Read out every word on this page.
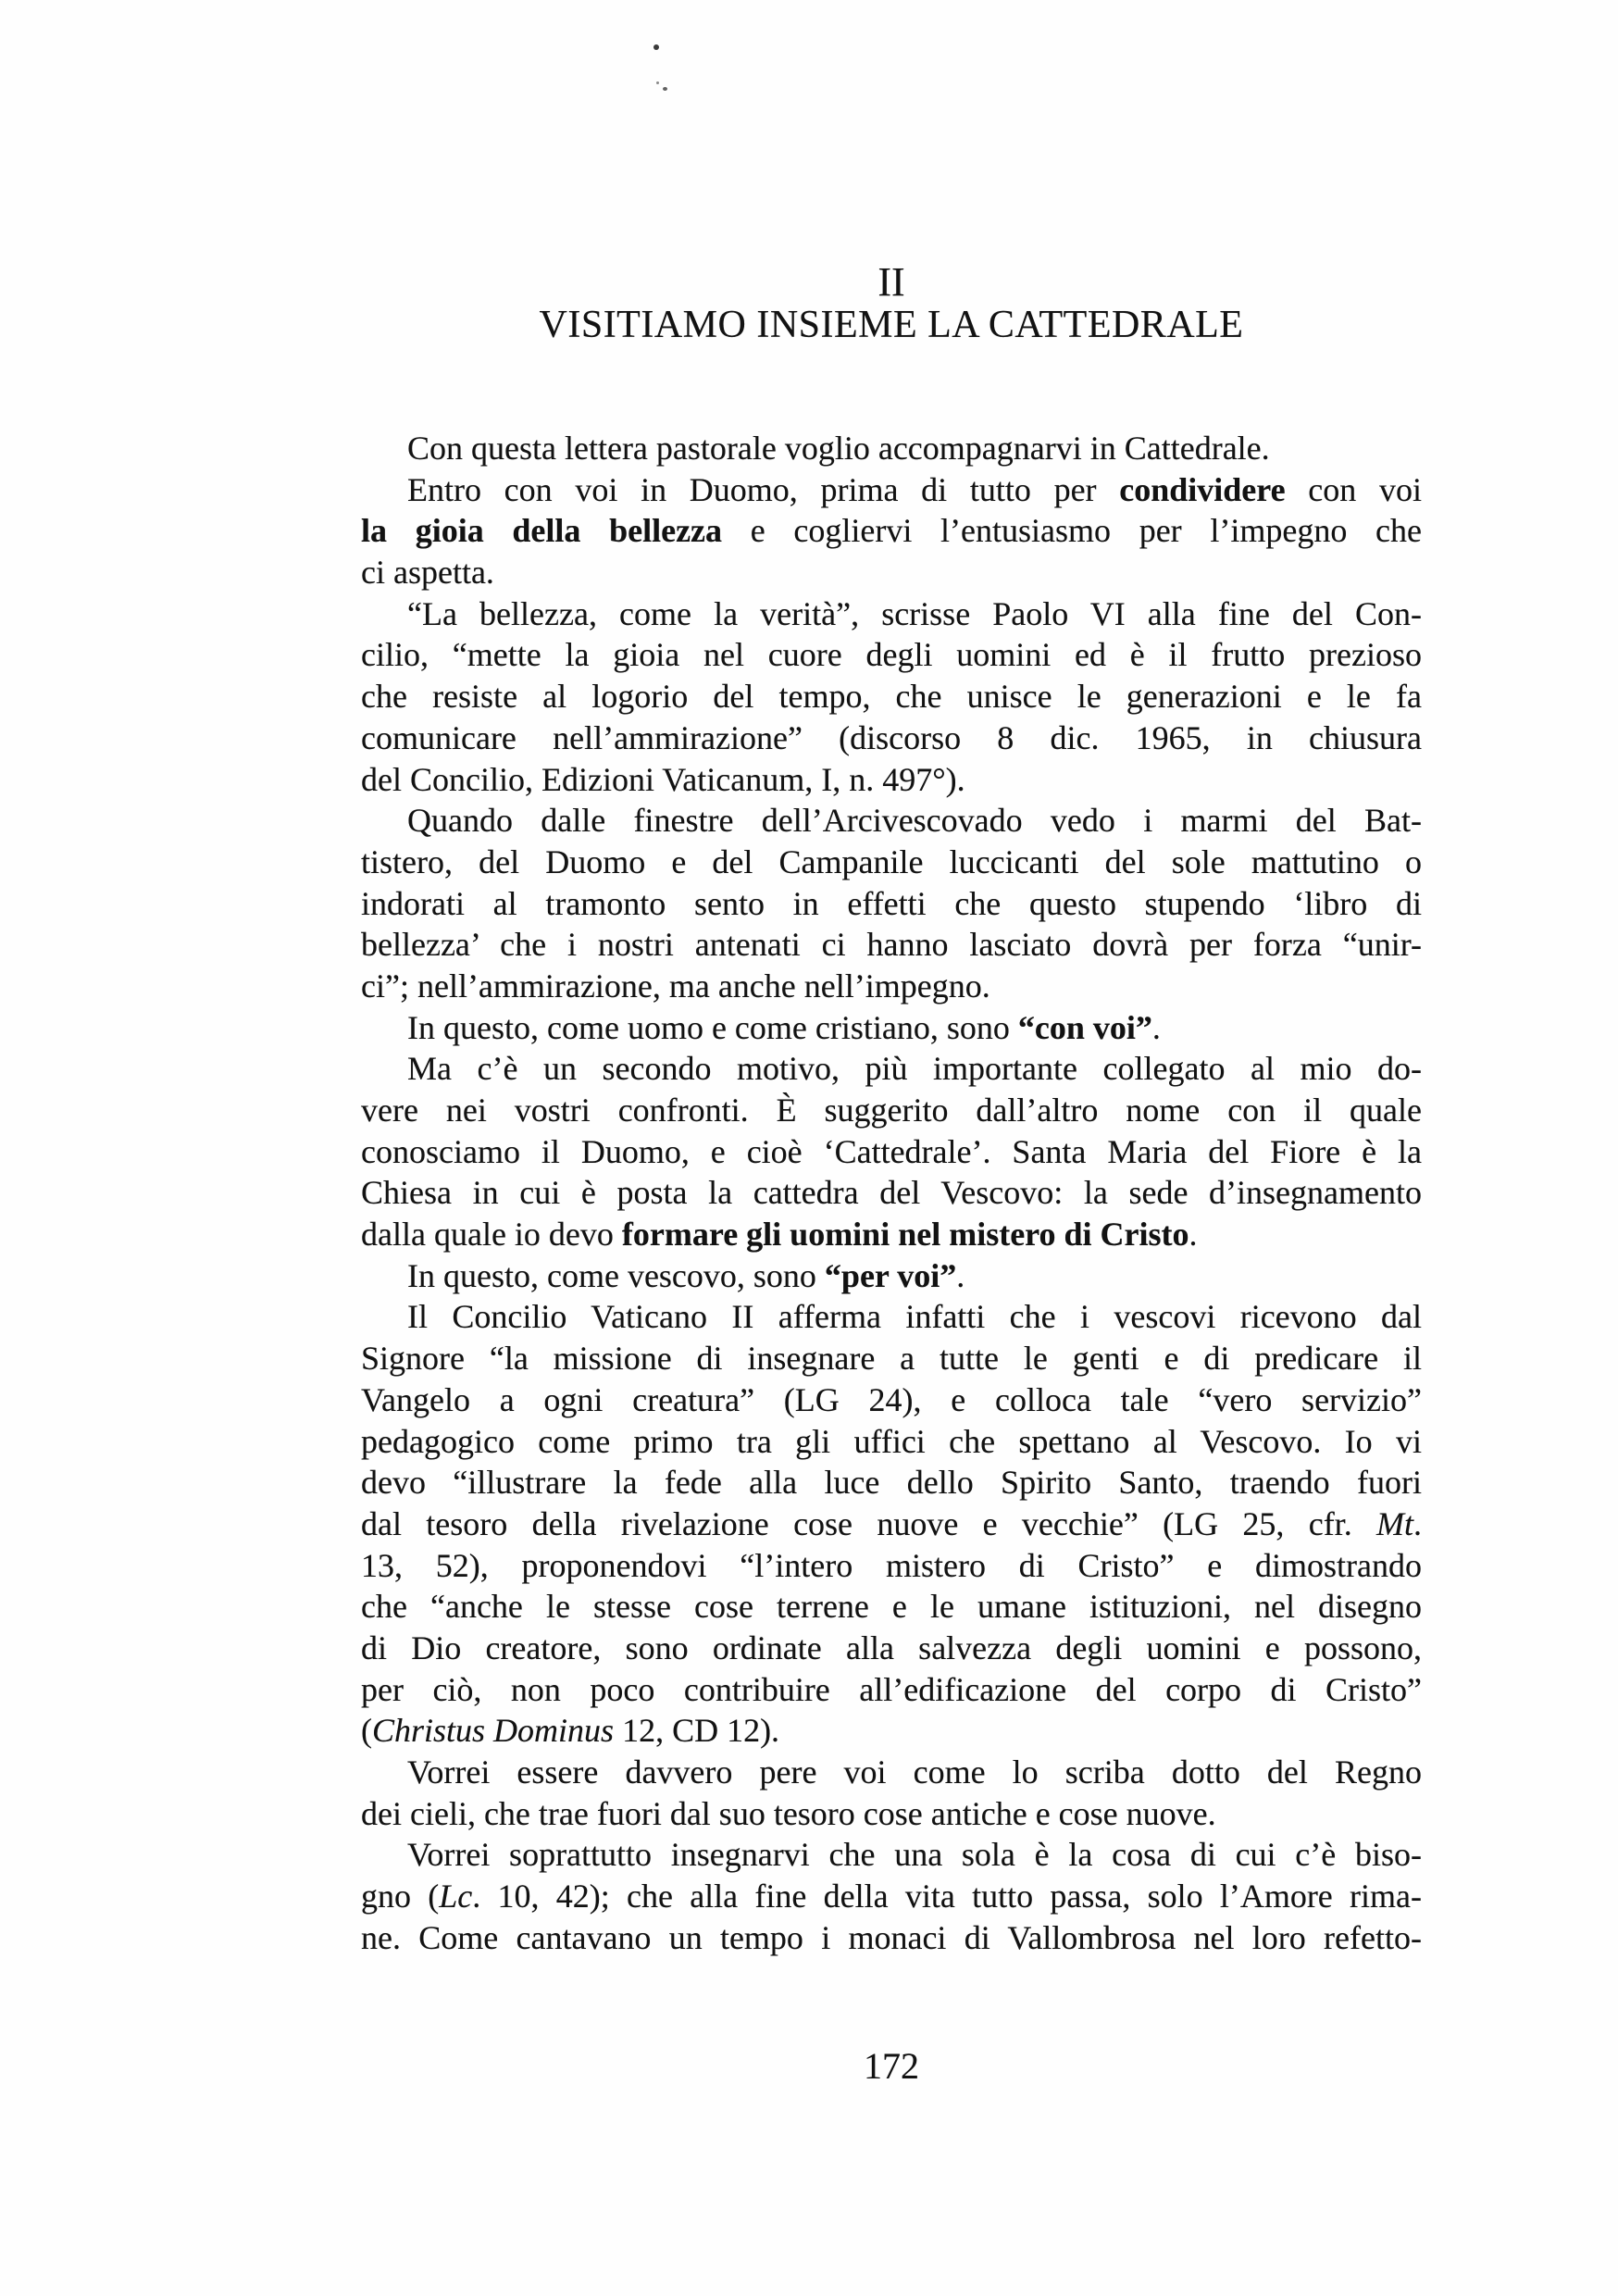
II
VISITIAMO INSIEME LA CATTEDRALE
Con questa lettera pastorale voglio accompagnarvi in Cattedrale.
Entro con voi in Duomo, prima di tutto per condividere con voi
la gioia della bellezza e cogliervi l’entusiasmo per l’impegno che
ci aspetta.
“La bellezza, come la verità”, scrisse Paolo VI alla fine del Con-
cilio, “mette la gioia nel cuore degli uomini ed è il frutto prezioso
che resiste al logorio del tempo, che unisce le generazioni e le fa
comunicare nell’ammirazione” (discorso 8 dic. 1965, in chiusura
del Concilio, Edizioni Vaticanum, I, n. 497°).
Quando dalle finestre dell’Arcivescovado vedo i marmi del Bat-
tistero, del Duomo e del Campanile luccicanti del sole mattutino o
indorati al tramonto sento in effetti che questo stupendo ‘libro di
bellezza’ che i nostri antenati ci hanno lasciato dovrà per forza “unir-
ci”; nell’ammirazione, ma anche nell’impegno.
In questo, come uomo e come cristiano, sono “con voi”.
Ma c’è un secondo motivo, più importante collegato al mio do-
vere nei vostri confronti. È suggerito dall’altro nome con il quale
conosciamo il Duomo, e cioè ‘Cattedrale’. Santa Maria del Fiore è la
Chiesa in cui è posta la cattedra del Vescovo: la sede d’insegnamento
dalla quale io devo formare gli uomini nel mistero di Cristo.
In questo, come vescovo, sono “per voi”.
Il Concilio Vaticano II afferma infatti che i vescovi ricevono dal
Signore “la missione di insegnare a tutte le genti e di predicare il
Vangelo a ogni creatura” (LG 24), e colloca tale “vero servizio”
pedagogico come primo tra gli uffici che spettano al Vescovo. Io vi
devo “illustrare la fede alla luce dello Spirito Santo, traendo fuori
dal tesoro della rivelazione cose nuove e vecchie” (LG 25, cfr. Mt.
13, 52), proponendovi “l’intero mistero di Cristo” e dimostrando
che “anche le stesse cose terrene e le umane istituzioni, nel disegno
di Dio creatore, sono ordinate alla salvezza degli uomini e possono,
per ciò, non poco contribuire all’edificazione del corpo di Cristo”
(Christus Dominus 12, CD 12).
Vorrei essere davvero pere voi come lo scriba dotto del Regno
dei cieli, che trae fuori dal suo tesoro cose antiche e cose nuove.
Vorrei soprattutto insegnarvi che una sola è la cosa di cui c’è biso-
gno (Lc. 10, 42); che alla fine della vita tutto passa, solo l’Amore rima-
ne. Come cantavano un tempo i monaci di Vallombrosa nel loro refetto-
172
